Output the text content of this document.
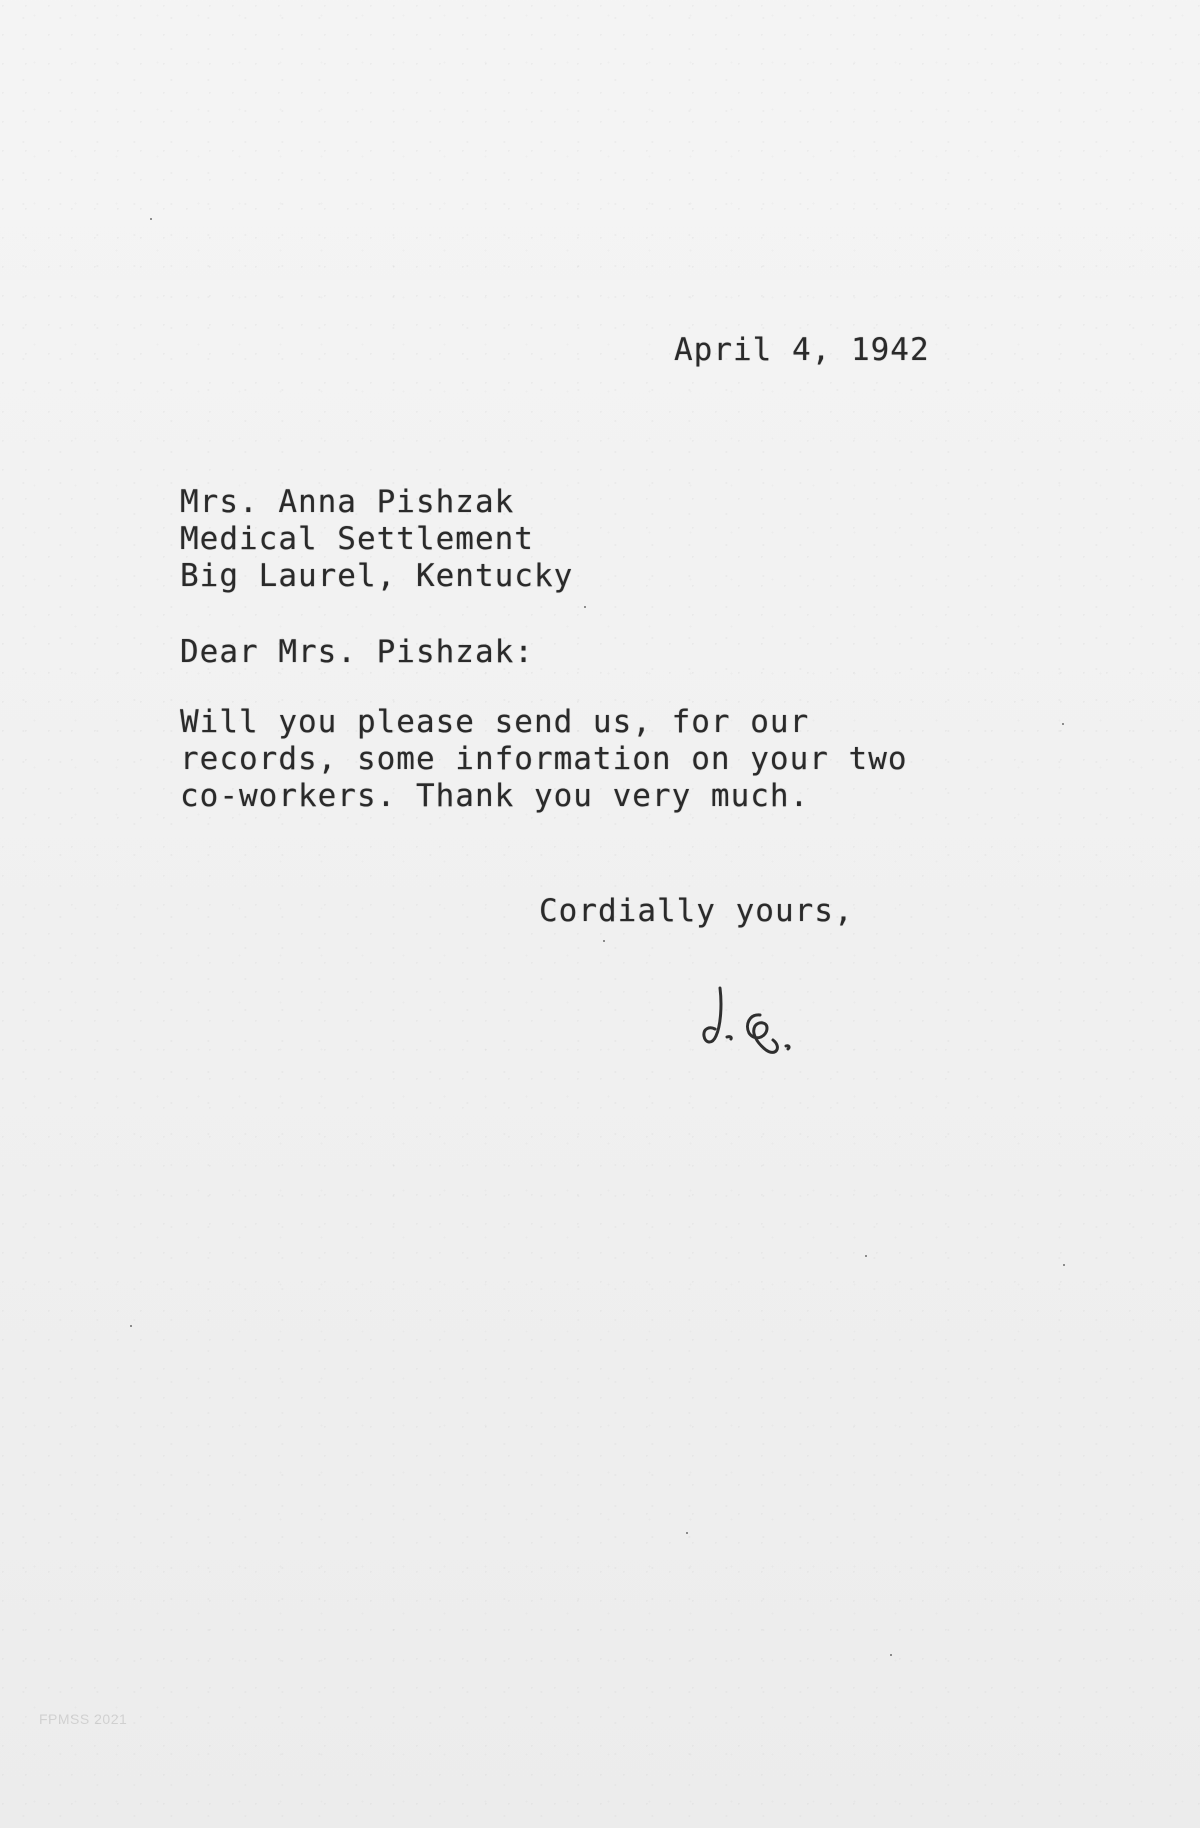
April 4, 1942
Mrs. Anna Pishzak
Medical Settlement
Big Laurel, Kentucky
Dear Mrs. Pishzak:
Will you please send us, for our
records, some information on your two
co-workers. Thank you very much.
Cordially yours,
FPMSS 2021
